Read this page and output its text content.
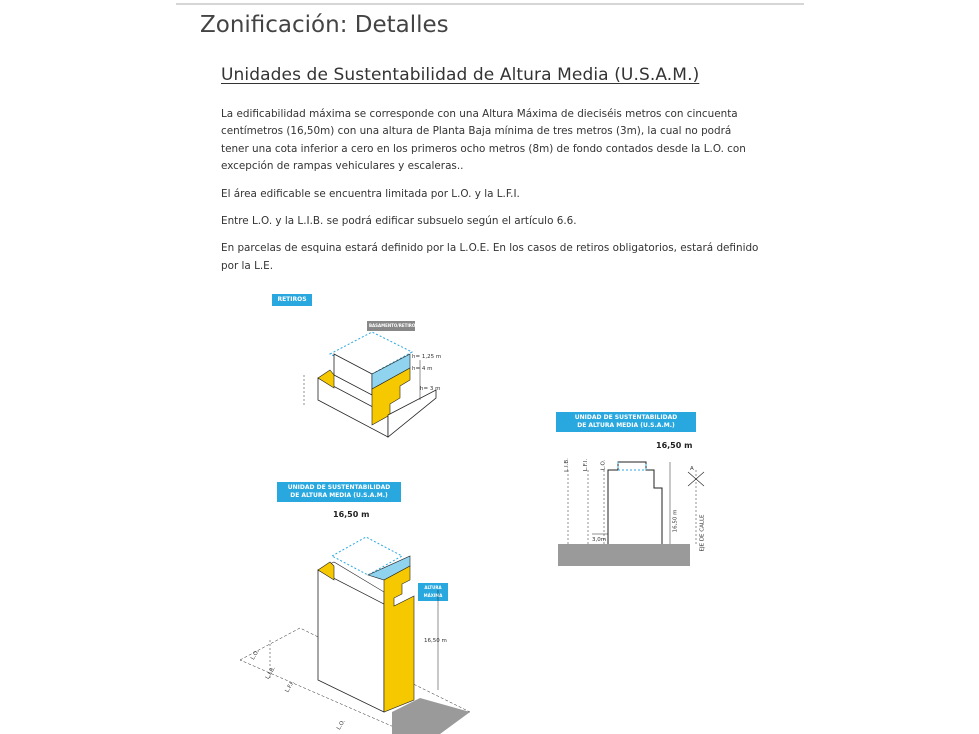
Zonificación: Detalles
Unidades de Sustentabilidad de Altura Media (U.S.A.M.)

La edificabilidad máxima se corresponde con una Altura Máxima de dieciséis metros con cincuenta centímetros (16,50m) con una altura de Planta Baja mínima de tres metros (3m), la cual no podrá tener una cota inferior a cero en los primeros ocho metros (8m) de fondo contados desde la L.O. con excepción de rampas vehiculares y escaleras..

El área edificable se encuentra limitada por L.O. y la L.F.I.

Entre L.O. y la L.I.B. se podrá edificar subsuelo según el artículo 6.6.

En parcelas de esquina estará definido por la L.O.E. En los casos de retiros obligatorios, estará definido por la L.E.

RETIROS
BASAMENTO/RETIRO
h= 1,25 m
h= 4 m
h= 3 m
UNIDAD DE SUSTENTABILIDAD
DE ALTURA MEDIA (U.S.A.M.)
16,50 m
ALTURA MÁXIMA
16,50 m
L.O.
L.I.B.
L.F.I.
L.O.
UNIDAD DE SUSTENTABILIDAD
DE ALTURA MEDIA (U.S.A.M.)
16,50 m
L.I.B. L.F.I. L.O.
16,50 m
3,0m	EJE DE CALLE
A
